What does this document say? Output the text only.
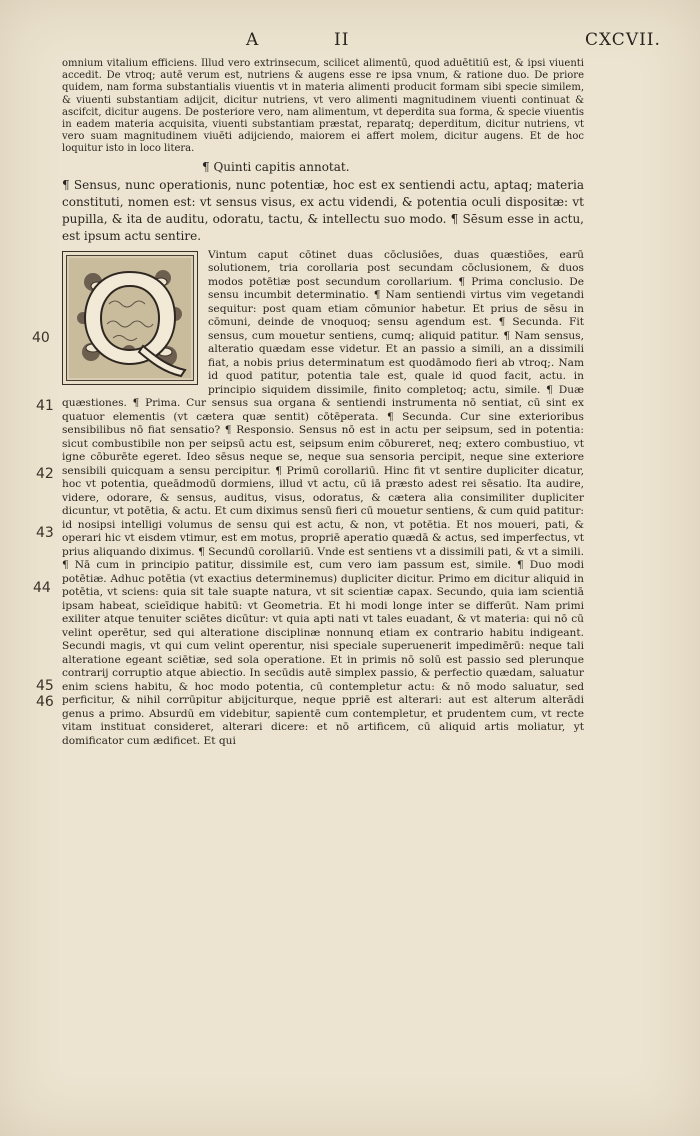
A	II	CXCVII.

omnium vitalium efficiens. Illud vero extrinsecum, scilicet alimentū, quod aduētitiū est, & ipsi viuenti accedit. De vtroq; autē verum est, nutriens & augens esse re ipsa vnum, & ratione duo. De priore quidem, nam forma substantialis viuentis vt in materia alimenti producit formam sibi specie similem, & viuenti substantiam adijcit, dicitur nutriens, vt vero alimenti magnitudinem viuenti continuat & ascifcit, dicitur augens. De posteriore vero, nam alimentum, vt deperdita sua forma, & specie viuentis in eadem materia acquisita, viuenti substantiam præstat, reparatq; deperditum, dicitur nutriens, vt vero suam magnitudinem viuēti adijciendo, maiorem ei affert molem, dicitur augens. Et de hoc loquitur isto in loco litera.

¶ Quinti capitis annotat.

¶ Sensus, nunc operationis, nunc potentiæ, hoc est ex sentiendi actu, aptaq; materia constituti, nomen est: vt sensus visus, ex actu videndi, & potentia oculi dispositæ: vt pupilla, & ita de auditu, odoratu, tactu, & intellectu suo modo. ¶ Sēsum esse in actu, est ipsum actu sentire.

Vintum caput cōtinet duas cōclusiōes, duas quæstiōes, earū solutionem, tria corollaria post secundam cōclusionem, & duos modos potētiæ post secundum corollarium. ¶ Prima conclusio. De sensu incumbit determinatio. ¶ Nam sentiendi virtus vim vegetandi sequitur: post quam etiam cōmunior habetur. Et prius de sēsu in cōmuni, deinde de vnoquoq; sensu agendum est. ¶ Secunda. Fit sensus, cum mouetur sentiens, cumq; aliquid patitur. ¶ Nam sensus, alteratio quædam esse videtur. Et an passio a simili, an a dissimili fiat, a nobis prius determinatum est quodāmodo fieri ab vtroq;. Nam id quod patitur, potentia tale est, quale id quod facit, actu. in principio siquidem dissimile, finito completoq; actu, simile. ¶ Duæ quæstiones. ¶ Prima. Cur sensus sua organa & sentiendi instrumenta nō sentiat, cū sint ex quatuor elementis (vt cætera quæ sentit) cōtēperata. ¶ Secunda. Cur sine exterioribus sensibilibus nō fiat sensatio? ¶ Responsio. Sensus nō est in actu per seipsum, sed in potentia: sicut combustibile non per seipsū actu est, seipsum enim cōbureret, neq; extero combustiuo, vt igne cōburēte egeret. Ideo sēsus neque se, neque sua sensoria percipit, neque sine exteriore sensibili quicquam a sensu percipitur. ¶ Primū corollariū. Hinc fit vt sentire dupliciter dicatur, hoc vt potentia, queādmodū dormiens, illud vt actu, cū iā præsto adest rei sēsatio. Ita audire, videre, odorare, & sensus, auditus, visus, odoratus, & cætera alia consimiliter dupliciter dicuntur, vt potētia, & actu. Et cum diximus sensū fieri cū mouetur sentiens, & cum quid patitur: id nosipsi intelligi volumus de sensu qui est actu, & non, vt potētia. Et nos moueri, pati, & operari hic vt eisdem vtimur, est em motus, propriē aperatio quædā & actus, sed imperfectus, vt prius aliquando diximus. ¶ Secundū corollariū. Vnde est sentiens vt a dissimili pati, & vt a simili. ¶ Nā cum in principio patitur, dissimile est, cum vero iam passum est, simile. ¶ Duo modi potētiæ. Adhuc potētia (vt exactius determinemus) dupliciter dicitur. Primo em dicitur aliquid in potētia, vt sciens: quia sit tale suapte natura, vt sit scientiæ capax. Secundo, quia iam scientiā ipsam habeat, scieīdique habitū: vt Geometria. Et hi modi longe inter se differūt. Nam primi exiliter atque tenuiter sciētes dicūtur: vt quia apti nati vt tales euadant, & vt materia: qui nō cū velint operētur, sed qui alteratione disciplinæ nonnunq etiam ex contrario habitu indigeant. Secundi magis, vt qui cum velint operentur, nisi speciale superuenerit impedimērū: neque tali alteratione egeant sciētiæ, sed sola operatione. Et in primis nō solū est passio sed plerunque contrarij corruptio atque abiectio. In secūdis autē simplex passio, & perfectio quædam, saluatur enim sciens habitu, & hoc modo potentia, cū contempletur actu: & nō modo saluatur, sed perficitur, & nihil corrūpitur abijciturque, neque ppriē est alterari: aut est alterum alterādi genus a primo. Absurdū em videbitur, sapientē cum contempletur, et prudentem cum, vt recte vitam instituat consideret, alterari dicere: et nō artificem, cū aliquid artis moliatur, yt domificator cum ædificet. Et qui

40
41
42
43
44
45
46
